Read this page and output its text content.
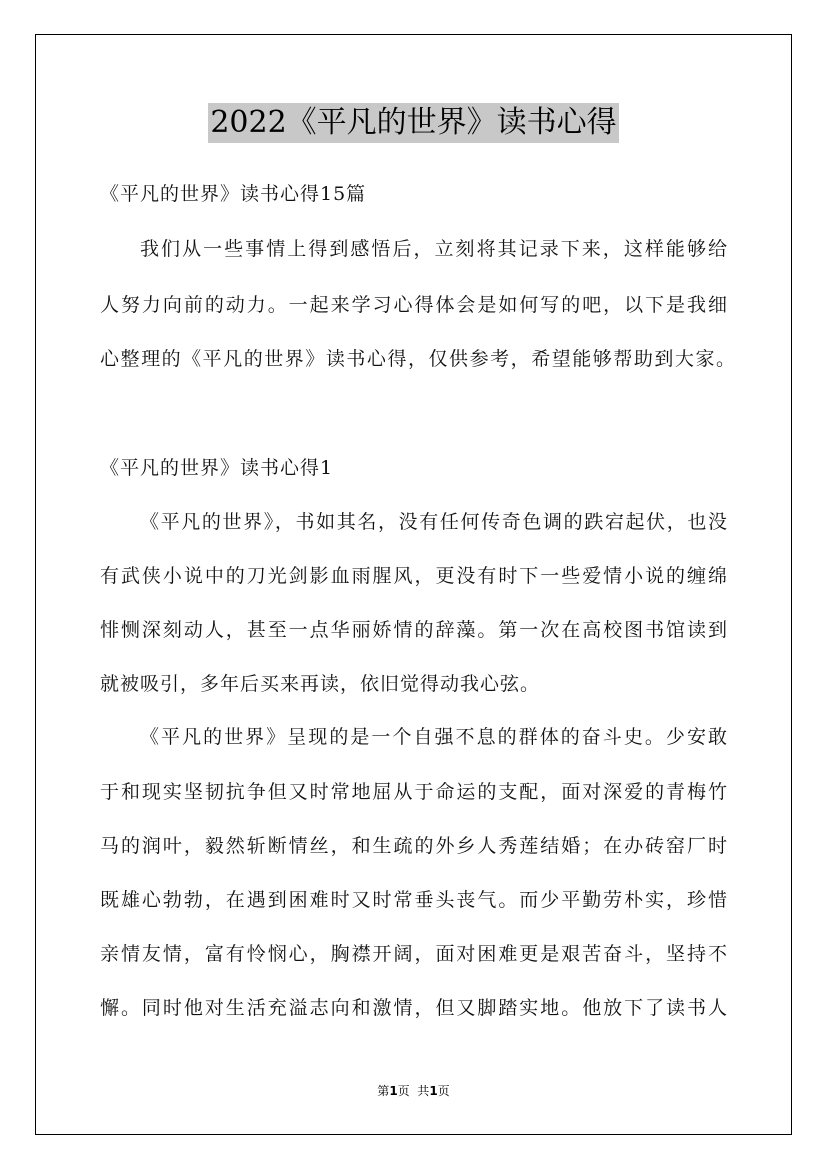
2022《平凡的世界》读书心得
《平凡的世界》读书心得15篇
我们从一些事情上得到感悟后，立刻将其记录下来，这样能够给
人努力向前的动力。一起来学习心得体会是如何写的吧，以下是我细
心整理的《平凡的世界》读书心得，仅供参考，希望能够帮助到大家。
《平凡的世界》读书心得1
《平凡的世界》，书如其名，没有任何传奇色调的跌宕起伏，也没
有武侠小说中的刀光剑影血雨腥风，更没有时下一些爱情小说的缠绵
悱恻深刻动人，甚至一点华丽娇情的辞藻。第一次在高校图书馆读到
就被吸引，多年后买来再读，依旧觉得动我心弦。
《平凡的世界》呈现的是一个自强不息的群体的奋斗史。少安敢
于和现实坚韧抗争但又时常地屈从于命运的支配，面对深爱的青梅竹
马的润叶，毅然斩断情丝，和生疏的外乡人秀莲结婚；在办砖窑厂时
既雄心勃勃，在遇到困难时又时常垂头丧气。而少平勤劳朴实，珍惜
亲情友情，富有怜悯心，胸襟开阔，面对困难更是艰苦奋斗，坚持不
懈。同时他对生活充溢志向和激情，但又脚踏实地。他放下了读书人
第1页  共1页
